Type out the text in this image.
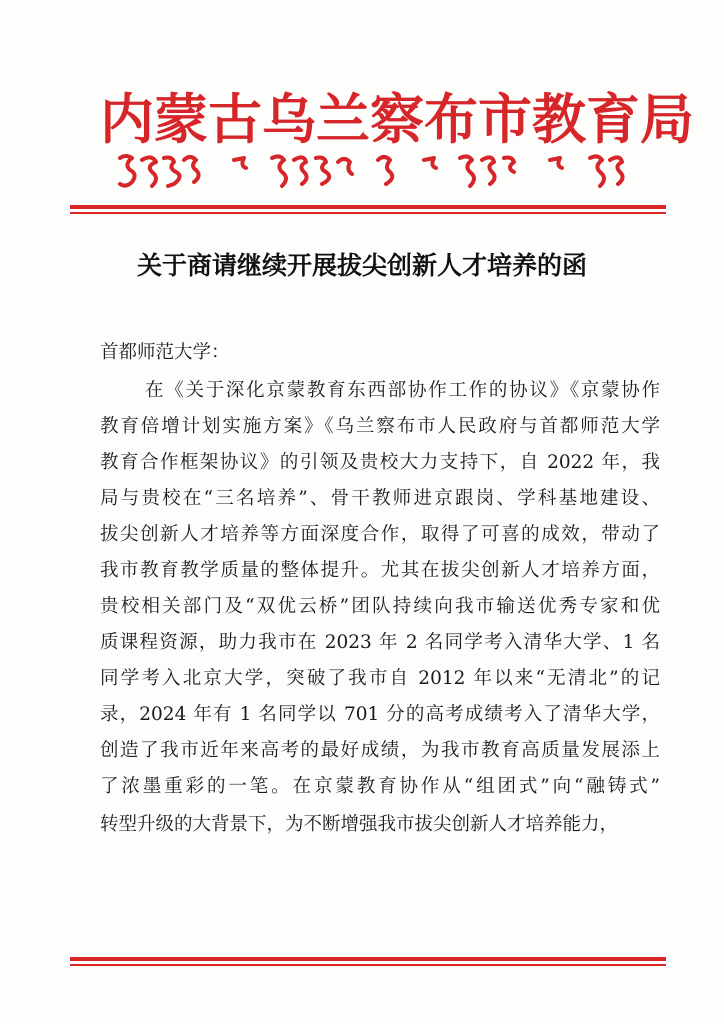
内蒙古乌兰察布市教育局
关于商请继续开展拔尖创新人才培养的函
首都师范大学：
在《关于深化京蒙教育东西部协作工作的协议》《京蒙协作
教育倍增计划实施方案》《乌兰察布市人民政府与首都师范大学
教育合作框架协议》的引领及贵校大力支持下，自 2022 年，我
局与贵校在“三名培养”、骨干教师进京跟岗、学科基地建设、
拔尖创新人才培养等方面深度合作，取得了可喜的成效，带动了
我市教育教学质量的整体提升。尤其在拔尖创新人才培养方面，
贵校相关部门及“双优云桥”团队持续向我市输送优秀专家和优
质课程资源，助力我市在 2023 年 2 名同学考入清华大学、1 名
同学考入北京大学，突破了我市自 2012 年以来“无清北”的记
录，2024 年有 1 名同学以 701 分的高考成绩考入了清华大学，
创造了我市近年来高考的最好成绩，为我市教育高质量发展添上
了浓墨重彩的一笔。在京蒙教育协作从“组团式”向“融铸式”
转型升级的大背景下，为不断增强我市拔尖创新人才培养能力，
